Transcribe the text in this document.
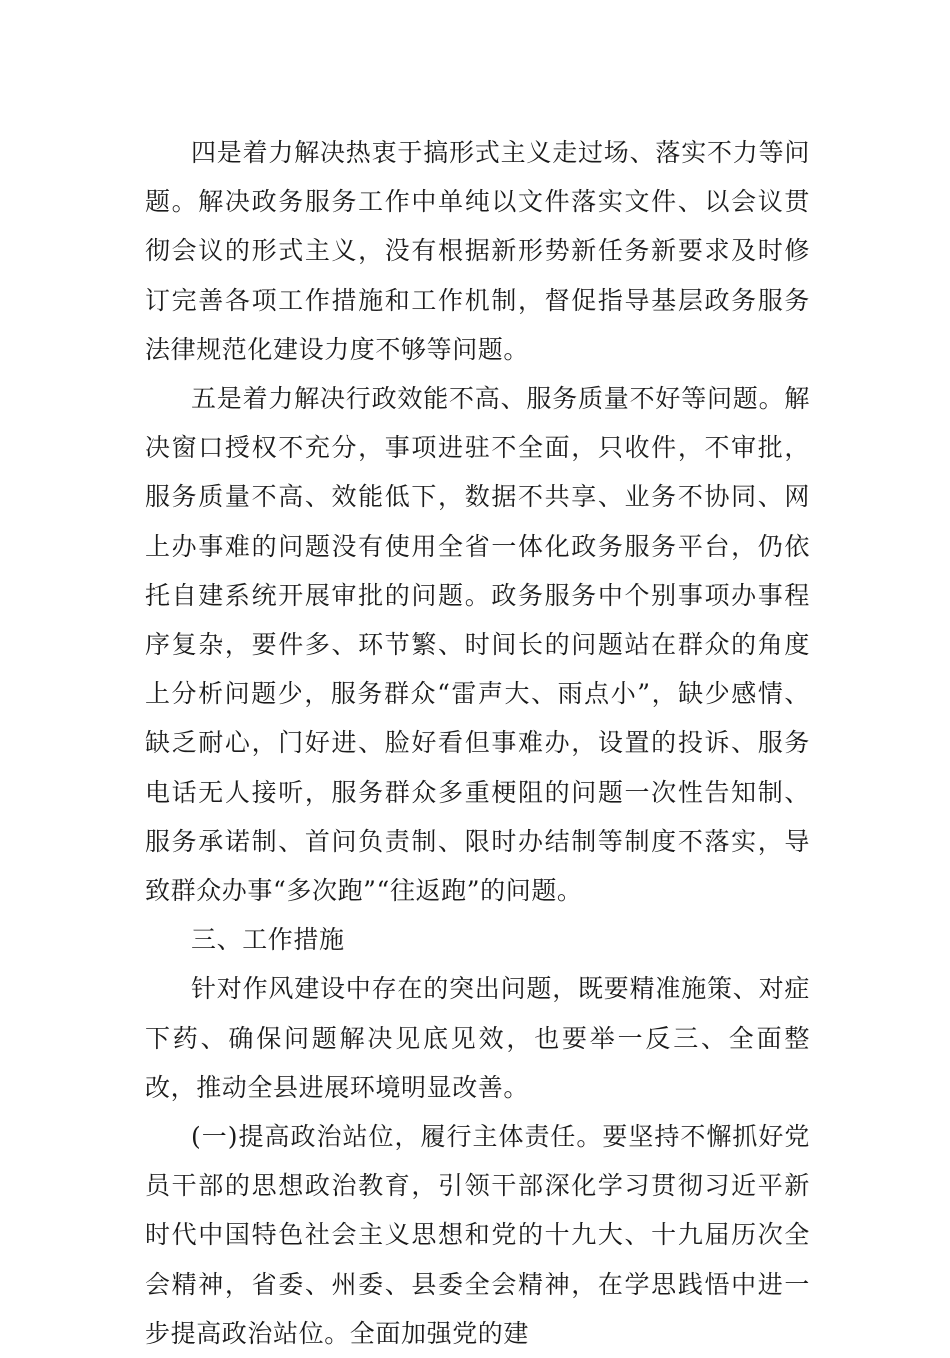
四是着力解决热衷于搞形式主义走过场、落实不力等问题。解决政务服务工作中单纯以文件落实文件、以会议贯彻会议的形式主义，没有根据新形势新任务新要求及时修订完善各项工作措施和工作机制，督促指导基层政务服务法律规范化建设力度不够等问题。

五是着力解决行政效能不高、服务质量不好等问题。解决窗口授权不充分，事项进驻不全面，只收件，不审批，服务质量不高、效能低下，数据不共享、业务不协同、网上办事难的问题没有使用全省一体化政务服务平台，仍依托自建系统开展审批的问题。政务服务中个别事项办事程序复杂，要件多、环节繁、时间长的问题站在群众的角度上分析问题少，服务群众“雷声大、雨点小”，缺少感情、缺乏耐心，门好进、脸好看但事难办，设置的投诉、服务电话无人接听，服务群众多重梗阻的问题一次性告知制、服务承诺制、首问负责制、限时办结制等制度不落实，导致群众办事“多次跑”“往返跑”的问题。

三、工作措施

针对作风建设中存在的突出问题，既要精准施策、对症下药、确保问题解决见底见效，也要举一反三、全面整改，推动全县进展环境明显改善。

(一)提高政治站位，履行主体责任。要坚持不懈抓好党员干部的思想政治教育，引领干部深化学习贯彻习近平新时代中国特色社会主义思想和党的十九大、十九届历次全会精神，省委、州委、县委全会精神，在学思践悟中进一步提高政治站位。全面加强党的建
